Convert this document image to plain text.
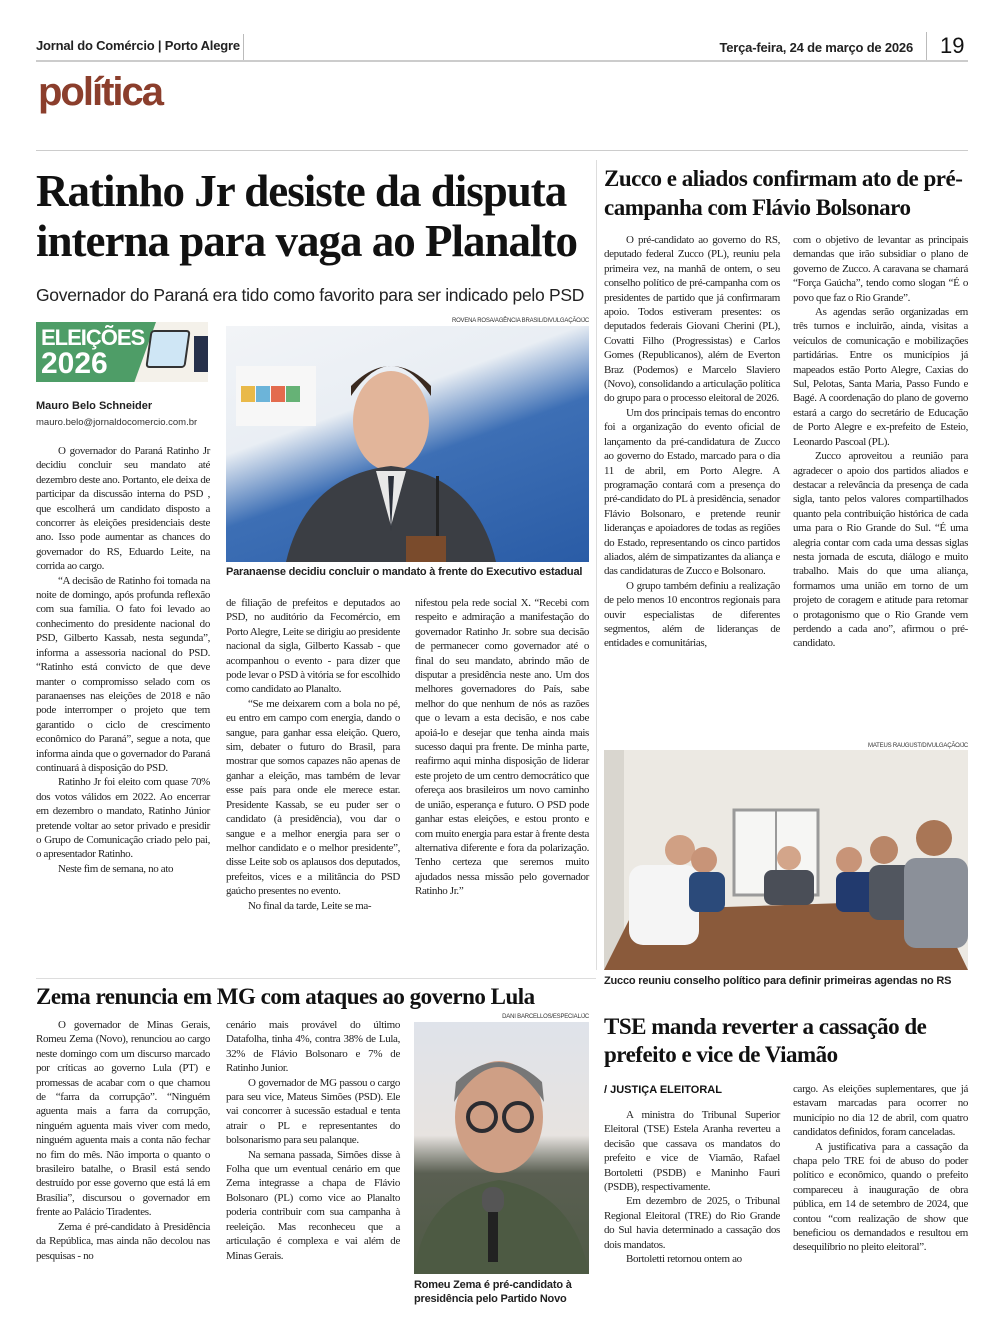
Jornal do Comércio | Porto Alegre	Terça-feira, 24 de março de 2026 19
política
Ratinho Jr desiste da disputa interna para vaga ao Planalto
Governador do Paraná era tido como favorito para ser indicado pelo PSD
ELEIÇÕES
2026
Mauro Belo Schneider
mauro.belo@jornaldocomercio.com.br
ROVENA ROSA/AGÊNCIA BRASIL/DIVULGAÇÃO/JC
Paranaense decidiu concluir o mandato à frente do Executivo estadual

O governador do Paraná Ratinho Jr decidiu concluir seu mandato até dezembro deste ano. Portanto, ele deixa de participar da discussão interna do PSD , que escolherá um candidato disposto a concorrer às eleições presidenciais deste ano. Isso pode aumentar as chances do governador do RS, Eduardo Leite, na corrida ao cargo.

“A decisão de Ratinho foi tomada na noite de domingo, após profunda reflexão com sua família. O fato foi levado ao conhecimento do presidente nacional do PSD, Gilberto Kassab, nesta segunda”, informa a assessoria nacional do PSD. “Ratinho está convicto de que deve manter o compromisso selado com os paranaenses nas eleições de 2018 e não pode interromper o projeto que tem garantido o ciclo de crescimento econômico do Paraná”, segue a nota, que informa ainda que o governador do Paraná continuará à disposição do PSD.

Ratinho Jr foi eleito com quase 70% dos votos válidos em 2022. Ao encerrar em dezembro o mandato, Ratinho Júnior pretende voltar ao setor privado e presidir o Grupo de Comunicação criado pelo pai, o apresentador Ratinho.

Neste fim de semana, no ato

de filiação de prefeitos e deputados ao PSD, no auditório da Fecomércio, em Porto Alegre, Leite se dirigiu ao presidente nacional da sigla, Gilberto Kassab - que acompanhou o evento - para dizer que pode levar o PSD à vitória se for escolhido como candidato ao Planalto.

“Se me deixarem com a bola no pé, eu entro em campo com energia, dando o sangue, para ganhar essa eleição. Quero, sim, debater o futuro do Brasil, para mostrar que somos capazes não apenas de ganhar a eleição, mas também de levar esse país para onde ele merece estar. Presidente Kassab, se eu puder ser o candidato (à presidência), vou dar o sangue e a melhor energia para ser o melhor candidato e o melhor presidente”, disse Leite sob os aplausos dos deputados, prefeitos, vices e a militância do PSD gaúcho presentes no evento.

No final da tarde, Leite se ma-

nifestou pela rede social X. “Recebi com respeito e admiração a manifestação do governador Ratinho Jr. sobre sua decisão de permanecer como governador até o final do seu mandato, abrindo mão de disputar a presidência neste ano. Um dos melhores governadores do País, sabe melhor do que nenhum de nós as razões que o levam a esta decisão, e nos cabe apoiá-lo e desejar que tenha ainda mais sucesso daqui pra frente. De minha parte, reafirmo aqui minha disposição de liderar este projeto de um centro democrático que ofereça aos brasileiros um novo caminho de união, esperança e futuro. O PSD pode ganhar estas eleições, e estou pronto e com muito energia para estar à frente desta alternativa diferente e fora da polarização. Tenho certeza que seremos muito ajudados nessa missão pelo governador Ratinho Jr.”

Zucco e aliados confirmam ato de pré-campanha com Flávio Bolsonaro

O pré-candidato ao governo do RS, deputado federal Zucco (PL), reuniu pela primeira vez, na manhã de ontem, o seu conselho político de pré-campanha com os presidentes de partido que já confirmaram apoio. Todos estiveram presentes: os deputados federais Giovani Cherini (PL), Covatti Filho (Progressistas) e Carlos Gomes (Republicanos), além de Everton Braz (Podemos) e Marcelo Slaviero (Novo), consolidando a articulação política do grupo para o processo eleitoral de 2026.

Um dos principais temas do encontro foi a organização do evento oficial de lançamento da pré-candidatura de Zucco ao governo do Estado, marcado para o dia 11 de abril, em Porto Alegre. A programação contará com a presença do pré-candidato do PL à presidência, senador Flávio Bolsonaro, e pretende reunir lideranças e apoiadores de todas as regiões do Estado, representando os cinco partidos aliados, além de simpatizantes da aliança e das candidaturas de Zucco e Bolsonaro.

O grupo também definiu a realização de pelo menos 10 encontros regionais para ouvir especialistas de diferentes segmentos, além de lideranças de entidades e comunitárias,

com o objetivo de levantar as principais demandas que irão subsidiar o plano de governo de Zucco. A caravana se chamará “Força Gaúcha”, tendo como slogan “É o povo que faz o Rio Grande”.

As agendas serão organizadas em três turnos e incluirão, ainda, visitas a veículos de comunicação e mobilizações partidárias. Entre os municípios já mapeados estão Porto Alegre, Caxias do Sul, Pelotas, Santa Maria, Passo Fundo e Bagé. A coordenação do plano de governo estará a cargo do secretário de Educação de Porto Alegre e ex-prefeito de Esteio, Leonardo Pascoal (PL).

Zucco aproveitou a reunião para agradecer o apoio dos partidos aliados e destacar a relevância da presença de cada sigla, tanto pelos valores compartilhados quanto pela contribuição histórica de cada uma para o Rio Grande do Sul. “É uma alegria contar com cada uma dessas siglas nesta jornada de escuta, diálogo e muito trabalho. Mais do que uma aliança, formamos uma união em torno de um projeto de coragem e atitude para retomar o protagonismo que o Rio Grande vem perdendo a cada ano”, afirmou o pré-candidato.

MATEUS RAUGUST/DIVULGAÇÃO/JC
Zucco reuniu conselho político para definir primeiras agendas no RS
Zema renuncia em MG com ataques ao governo Lula

O governador de Minas Gerais, Romeu Zema (Novo), renunciou ao cargo neste domingo com um discurso marcado por críticas ao governo Lula (PT) e promessas de acabar com o que chamou de “farra da corrupção”. “Ninguém aguenta mais a farra da corrupção, ninguém aguenta mais viver com medo, ninguém aguenta mais a conta não fechar no fim do mês. Não importa o quanto o brasileiro batalhe, o Brasil está sendo destruído por esse governo que está lá em Brasília”, discursou o governador em frente ao Palácio Tiradentes.

Zema é pré-candidato à Presidência da República, mas ainda não decolou nas pesquisas - no

cenário mais provável do último Datafolha, tinha 4%, contra 38% de Lula, 32% de Flávio Bolsonaro e 7% de Ratinho Junior.

O governador de MG passou o cargo para seu vice, Mateus Simões (PSD). Ele vai concorrer à sucessão estadual e tenta atrair o PL e representantes do bolsonarismo para seu palanque.

Na semana passada, Simões disse à Folha que um eventual cenário em que Zema integrasse a chapa de Flávio Bolsonaro (PL) como vice ao Planalto poderia contribuir com sua campanha à reeleição. Mas reconheceu que a articulação é complexa e vai além de Minas Gerais.

DANI BARCELLOS/ESPECIAL/JC
Romeu Zema é pré-candidato à presidência pelo Partido Novo
TSE manda reverter a cassação de prefeito e vice de Viamão
/ JUSTIÇA ELEITORAL

A ministra do Tribunal Superior Eleitoral (TSE) Estela Aranha reverteu a decisão que cassava os mandatos do prefeito e vice de Viamão, Rafael Bortoletti (PSDB) e Maninho Fauri (PSDB), respectivamente.

Em dezembro de 2025, o Tribunal Regional Eleitoral (TRE) do Rio Grande do Sul havia determinado a cassação dos dois mandatos.

Bortoletti retornou ontem ao

cargo. As eleições suplementares, que já estavam marcadas para ocorrer no município no dia 12 de abril, com quatro candidatos definidos, foram canceladas.

A justificativa para a cassação da chapa pelo TRE foi de abuso do poder político e econômico, quando o prefeito compareceu à inauguração de obra pública, em 14 de setembro de 2024, que contou “com realização de show que beneficiou os demandados e resultou em desequilíbrio no pleito eleitoral”.
